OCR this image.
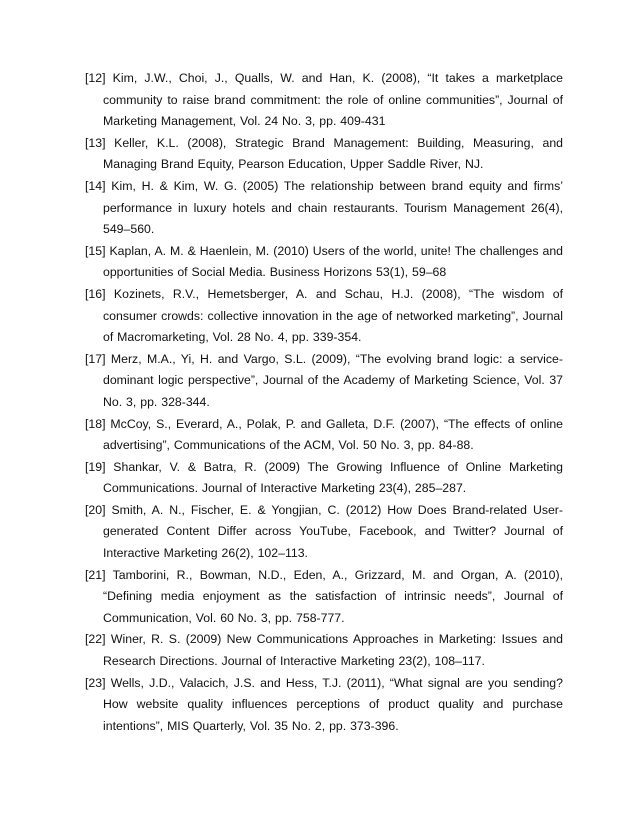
[12] Kim, J.W., Choi, J., Qualls, W. and Han, K. (2008), “It takes a marketplace community to raise brand commitment: the role of online communities”, Journal of Marketing Management, Vol. 24 No. 3, pp. 409-431

[13] Keller, K.L. (2008), Strategic Brand Management: Building, Measuring, and Managing Brand Equity, Pearson Education, Upper Saddle River, NJ.

[14] Kim, H. & Kim, W. G. (2005) The relationship between brand equity and firms’ performance in luxury hotels and chain restaurants. Tourism Management 26(4), 549–560.

[15] Kaplan, A. M. & Haenlein, M. (2010) Users of the world, unite! The challenges and opportunities of Social Media. Business Horizons 53(1), 59–68

[16] Kozinets, R.V., Hemetsberger, A. and Schau, H.J. (2008), “The wisdom of consumer crowds: collective innovation in the age of networked marketing”, Journal of Macromarketing, Vol. 28 No. 4, pp. 339-354.

[17] Merz, M.A., Yi, H. and Vargo, S.L. (2009), “The evolving brand logic: a service-dominant logic perspective”, Journal of the Academy of Marketing Science, Vol. 37 No. 3, pp. 328-344.

[18] McCoy, S., Everard, A., Polak, P. and Galleta, D.F. (2007), “The effects of online advertising”, Communications of the ACM, Vol. 50 No. 3, pp. 84-88.

[19] Shankar, V. & Batra, R. (2009) The Growing Influence of Online Marketing Communications. Journal of Interactive Marketing 23(4), 285–287.

[20] Smith, A. N., Fischer, E. & Yongjian, C. (2012) How Does Brand-related User-generated Content Differ across YouTube, Facebook, and Twitter? Journal of Interactive Marketing 26(2), 102–113.

[21] Tamborini, R., Bowman, N.D., Eden, A., Grizzard, M. and Organ, A. (2010), “Defining media enjoyment as the satisfaction of intrinsic needs”, Journal of Communication, Vol. 60 No. 3, pp. 758-777.

[22] Winer, R. S. (2009) New Communications Approaches in Marketing: Issues and Research Directions. Journal of Interactive Marketing 23(2), 108–117.

[23] Wells, J.D., Valacich, J.S. and Hess, T.J. (2011), “What signal are you sending? How website quality influences perceptions of product quality and purchase intentions”, MIS Quarterly, Vol. 35 No. 2, pp. 373-396.
